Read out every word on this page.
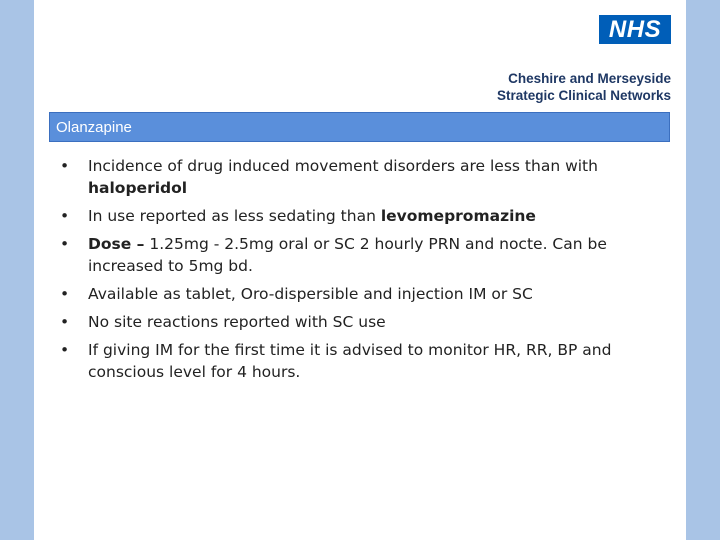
NHS
Cheshire and Merseyside
Strategic Clinical Networks
Olanzapine
• Incidence of drug induced movement disorders are less than with haloperidol
• In use reported as less sedating than levomepromazine
• Dose – 1.25mg - 2.5mg oral or SC 2 hourly PRN and nocte. Can be increased to 5mg bd.
• Available as tablet, Oro-dispersible and injection IM or SC
• No site reactions reported with SC use
• If giving IM for the first time it is advised to monitor HR, RR, BP and conscious level for 4 hours.
